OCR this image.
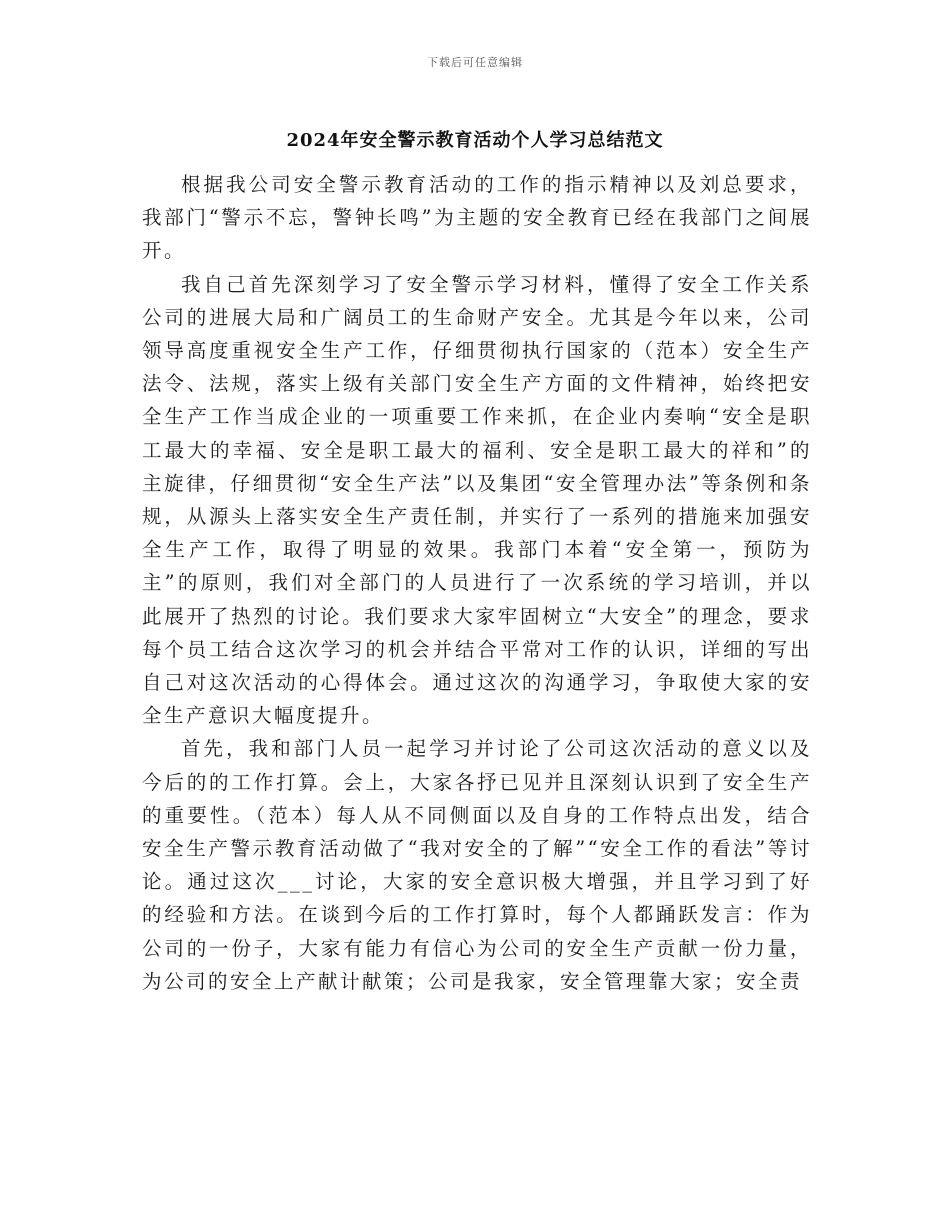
下载后可任意编辑
2024年安全警示教育活动个人学习总结范文

根据我公司安全警示教育活动的工作的指示精神以及刘总要求，我部门“警示不忘，警钟长鸣”为主题的安全教育已经在我部门之间展开。

我自己首先深刻学习了安全警示学习材料，懂得了安全工作关系公司的进展大局和广阔员工的生命财产安全。尤其是今年以来，公司领导高度重视安全生产工作，仔细贯彻执行国家的（范本）安全生产法令、法规，落实上级有关部门安全生产方面的文件精神，始终把安全生产工作当成企业的一项重要工作来抓，在企业内奏响“安全是职工最大的幸福、安全是职工最大的福利、安全是职工最大的祥和”的主旋律，仔细贯彻“安全生产法”以及集团“安全管理办法”等条例和条规，从源头上落实安全生产责任制，并实行了一系列的措施来加强安全生产工作，取得了明显的效果。我部门本着“安全第一，预防为主”的原则，我们对全部门的人员进行了一次系统的学习培训，并以此展开了热烈的讨论。我们要求大家牢固树立“大安全”的理念，要求每个员工结合这次学习的机会并结合平常对工作的认识，详细的写出自己对这次活动的心得体会。通过这次的沟通学习，争取使大家的安全生产意识大幅度提升。

首先，我和部门人员一起学习并讨论了公司这次活动的意义以及今后的的工作打算。会上，大家各抒已见并且深刻认识到了安全生产的重要性。（范本）每人从不同侧面以及自身的工作特点出发，结合安全生产警示教育活动做了“我对安全的了解”“安全工作的看法”等讨论。通过这次___讨论，大家的安全意识极大增强，并且学习到了好的经验和方法。在谈到今后的工作打算时，每个人都踊跃发言：作为公司的一份子，大家有能力有信心为公司的安全生产贡献一份力量，为公司的安全上产献计献策；公司是我家，安全管理靠大家；安全责
